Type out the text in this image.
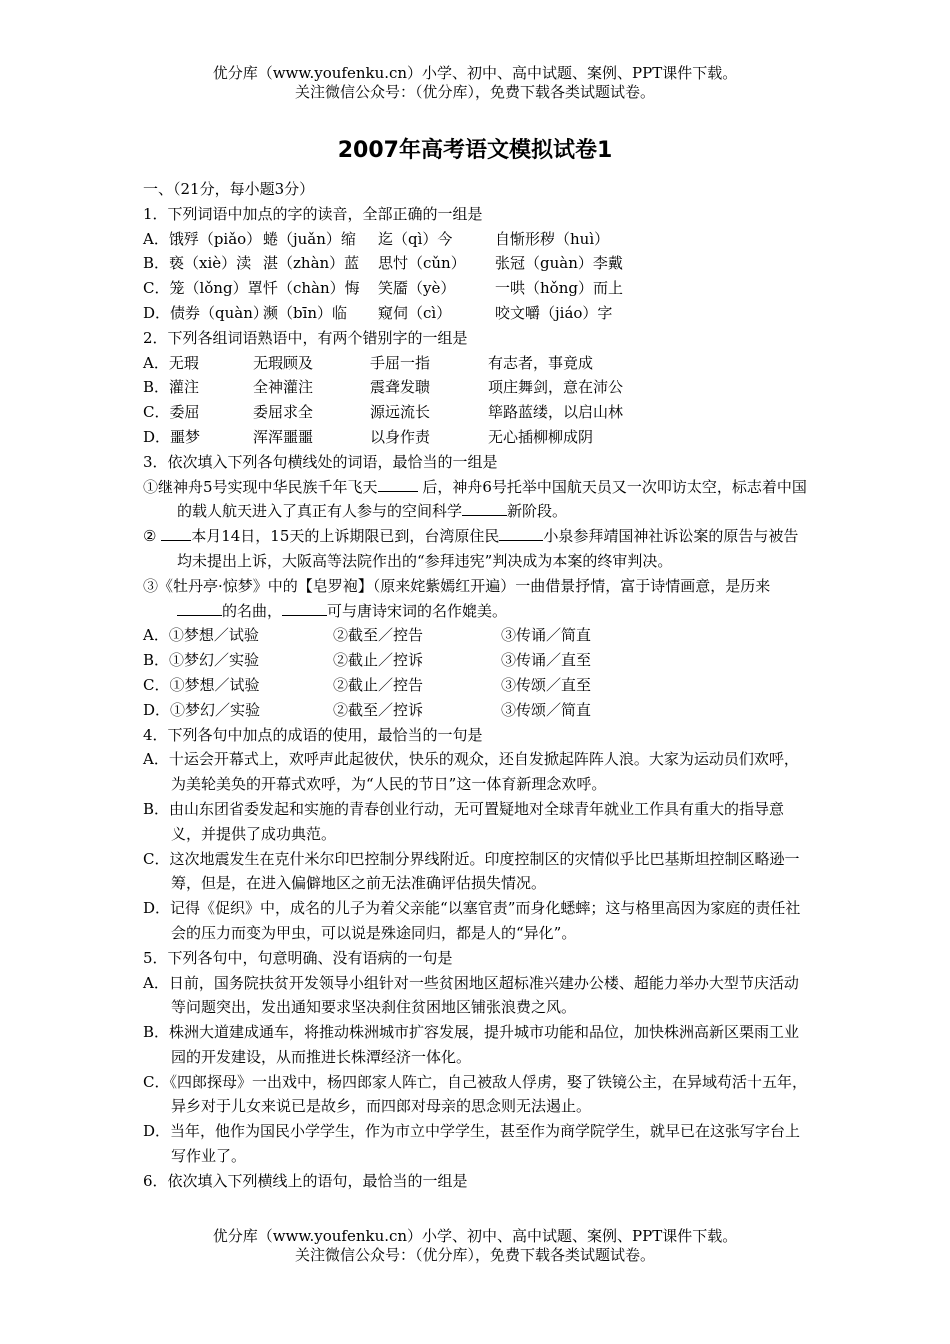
优分库（www.youfenku.cn）小学、初中、高中试题、案例、PPT课件下载。
关注微信公众号：（优分库），免费下载各类试题试卷。
2007年高考语文模拟试卷1
一、（21分，每小题3分）
1．下列词语中加点的字的读音，全部正确的一组是
A．饿殍（piǎo） 蜷（juǎn）缩 迄（qì）今	自惭形秽（huì）
B．亵（xiè）渎 湛（zhàn）蓝 思忖（cǔn） 张冠（guàn）李戴
C．笼（lǒng）罩忏（chàn）悔 笑靥（yè）	一哄（hǒng）而上
D．债券（quàn）濒（bīn）临 窥伺（cì）	咬文嚼（jiáo）字
2．下列各组词语熟语中，有两个错别字的一组是
A．无瑕	无瑕顾及	手屈一指	有志者，事竟成
B．灌注	全神灌注	震聋发聩	项庄舞剑，意在沛公
C．委屈	委屈求全	源远流长	筚路蓝缕，以启山林
D．噩梦	浑浑噩噩	以身作责	无心插柳柳成阴
3．依次填入下列各句横线处的词语，最恰当的一组是
①继神舟5号实现中华民族千年飞天	后，神舟6号托举中国航天员又一次叩访太空，标志着中国的载人航天进入了真正有人参与的空间科学	新阶段。
② 本月14日，15天的上诉期限已到，台湾原住民	小泉参拜靖国神社诉讼案的原告与被告均未提出上诉，大阪高等法院作出的“参拜违宪”判决成为本案的终审判决。
③《牡丹亭·惊梦》中的【皂罗袍】（原来姹紫嫣红开遍）一曲借景抒情，富于诗情画意，是历来的名曲，	可与唐诗宋词的名作媲美。
A．①梦想／试验	②截至／控告	③传诵／简直
B．①梦幻／实验	②截止／控诉	③传诵／直至
C．①梦想／试验	②截止／控告	③传颂／直至
D．①梦幻／实验	②截至／控诉	③传颂／简直
4．下列各句中加点的成语的使用，最恰当的一句是
A．十运会开幕式上，欢呼声此起彼伏，快乐的观众，还自发掀起阵阵人浪。大家为运动员们欢呼，为美轮美奂的开幕式欢呼，为“人民的节日”这一体育新理念欢呼。
B．由山东团省委发起和实施的青春创业行动，无可置疑地对全球青年就业工作具有重大的指导意义，并提供了成功典范。
C．这次地震发生在克什米尔印巴控制分界线附近。印度控制区的灾情似乎比巴基斯坦控制区略逊一筹，但是，在进入偏僻地区之前无法准确评估损失情况。
D．记得《促织》中，成名的儿子为着父亲能“以塞官责”而身化蟋蟀；这与格里高因为家庭的责任社会的压力而变为甲虫，可以说是殊途同归，都是人的“异化”。
5．下列各句中，句意明确、没有语病的一句是
A．日前，国务院扶贫开发领导小组针对一些贫困地区超标准兴建办公楼、超能力举办大型节庆活动等问题突出，发出通知要求坚决刹住贫困地区铺张浪费之风。
B．株洲大道建成通车，将推动株洲城市扩容发展，提升城市功能和品位，加快株洲高新区栗雨工业园的开发建设，从而推进长株潭经济一体化。
C．《四郎探母》一出戏中，杨四郎家人阵亡，自己被敌人俘虏，娶了铁镜公主，在异域苟活十五年，异乡对于儿女来说已是故乡，而四郎对母亲的思念则无法遏止。
D．当年，他作为国民小学学生，作为市立中学学生，甚至作为商学院学生，就早已在这张写字台上写作业了。
6．依次填入下列横线上的语句，最恰当的一组是
优分库（www.youfenku.cn）小学、初中、高中试题、案例、PPT课件下载。
关注微信公众号：（优分库），免费下载各类试题试卷。
